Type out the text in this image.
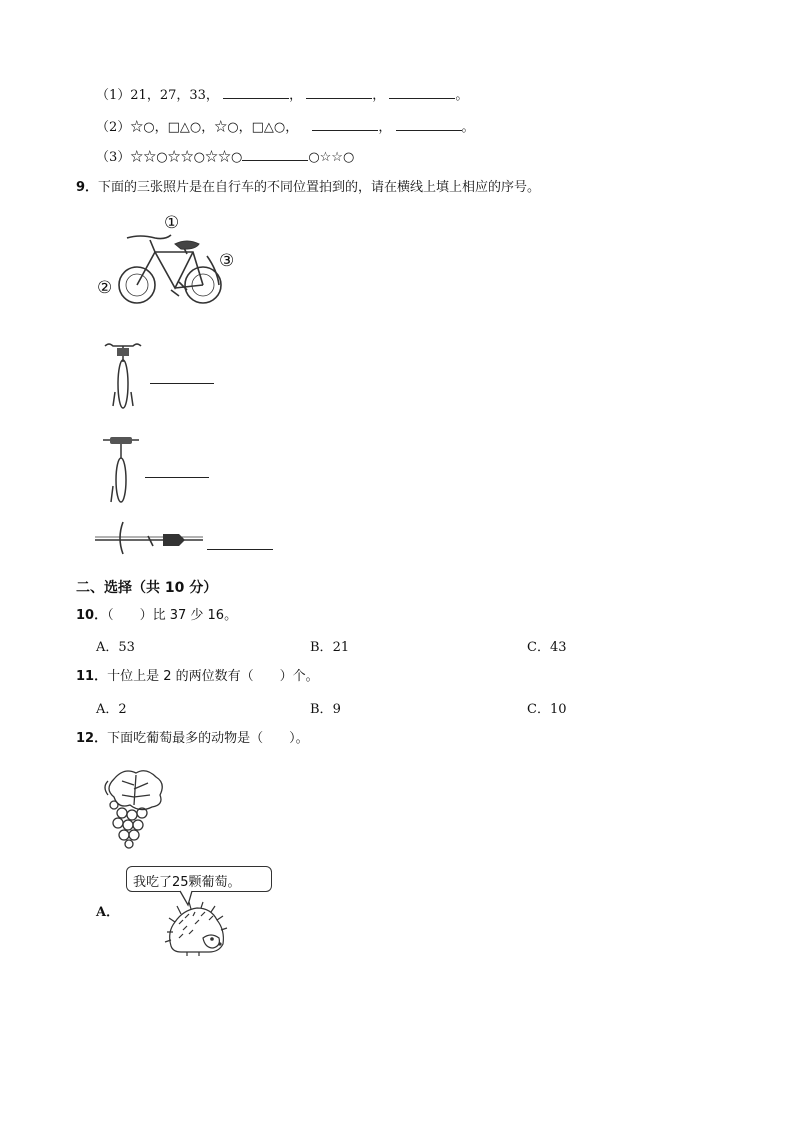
（1）21，27，33，	，	，	。
（2）☆○，□△○，☆○，□△○，	，	。
（3）☆☆○☆☆○☆☆○	○☆☆○
9．下面的三张照片是在自行车的不同位置拍到的，请在横线上填上相应的序号。
①
②
③
二、选择（共 10 分）
10．（　　）比 37 少 16。
A．53	B．21	C．43
11．十位上是 2 的两位数有（　　）个。
A．2	B．9	C．10
12．下面吃葡萄最多的动物是（　　）。
A．
我吃了25颗葡萄。
